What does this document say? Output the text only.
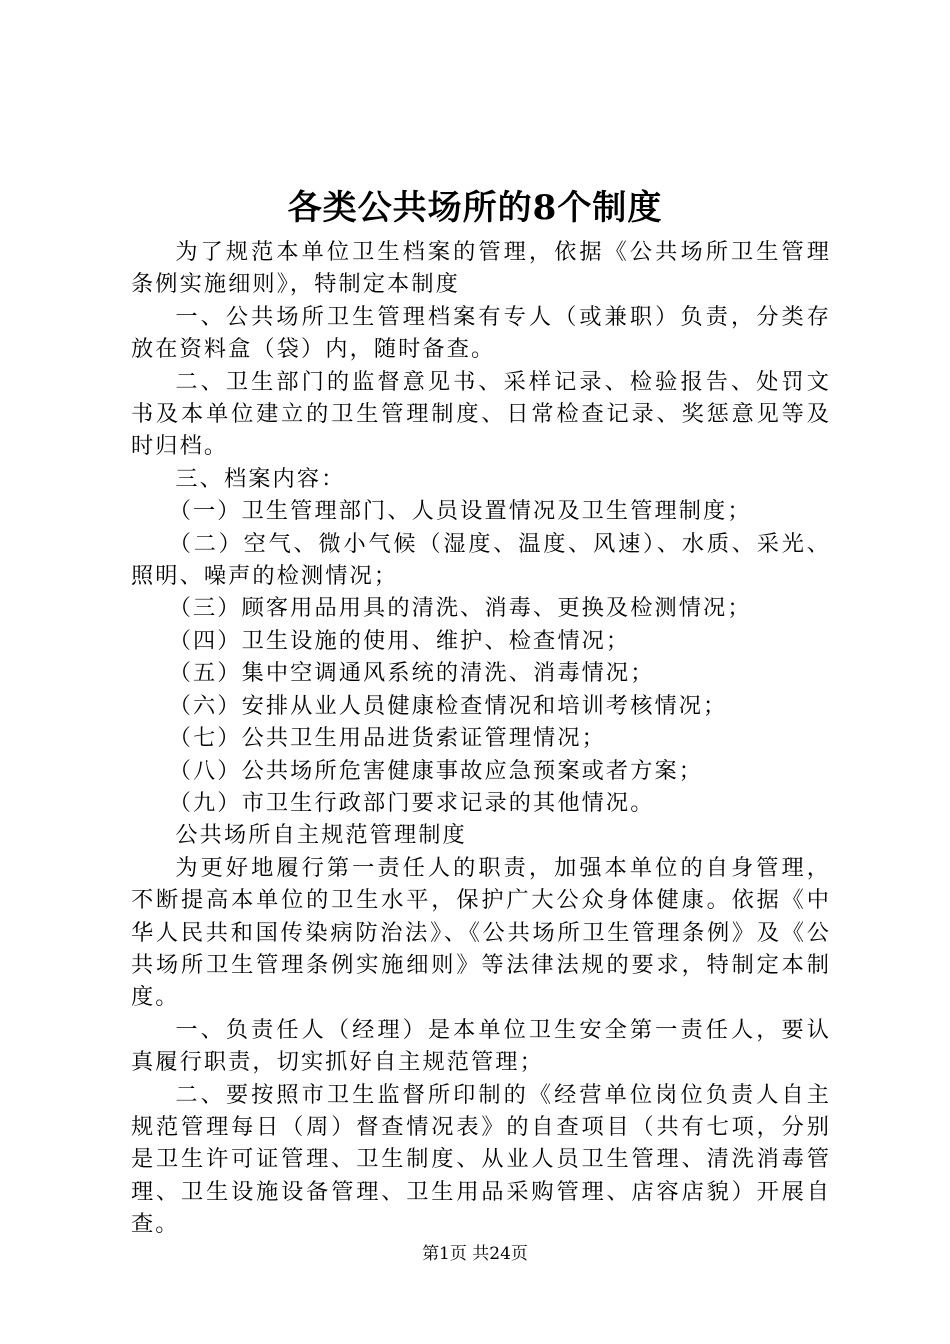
各类公共场所的8个制度

为了规范本单位卫生档案的管理，依据《公共场所卫生管理条例实施细则》，特制定本制度

一、公共场所卫生管理档案有专人（或兼职）负责，分类存放在资料盒（袋）内，随时备查。

二、卫生部门的监督意见书、采样记录、检验报告、处罚文书及本单位建立的卫生管理制度、日常检查记录、奖惩意见等及时归档。

三、档案内容：

（一）卫生管理部门、人员设置情况及卫生管理制度；

（二）空气、微小气候（湿度、温度、风速）、水质、采光、照明、噪声的检测情况；

（三）顾客用品用具的清洗、消毒、更换及检测情况；

（四）卫生设施的使用、维护、检查情况；

（五）集中空调通风系统的清洗、消毒情况；

（六）安排从业人员健康检查情况和培训考核情况；

（七）公共卫生用品进货索证管理情况；

（八）公共场所危害健康事故应急预案或者方案；

（九）市卫生行政部门要求记录的其他情况。

公共场所自主规范管理制度

为更好地履行第一责任人的职责，加强本单位的自身管理，不断提高本单位的卫生水平，保护广大公众身体健康。依据《中华人民共和国传染病防治法》、《公共场所卫生管理条例》及《公共场所卫生管理条例实施细则》等法律法规的要求，特制定本制度。

一、负责任人（经理）是本单位卫生安全第一责任人，要认真履行职责，切实抓好自主规范管理；

二、要按照市卫生监督所印制的《经营单位岗位负责人自主规范管理每日（周）督查情况表》的自查项目（共有七项，分别是卫生许可证管理、卫生制度、从业人员卫生管理、清洗消毒管理、卫生设施设备管理、卫生用品采购管理、店容店貌）开展自查。

第1页 共24页
